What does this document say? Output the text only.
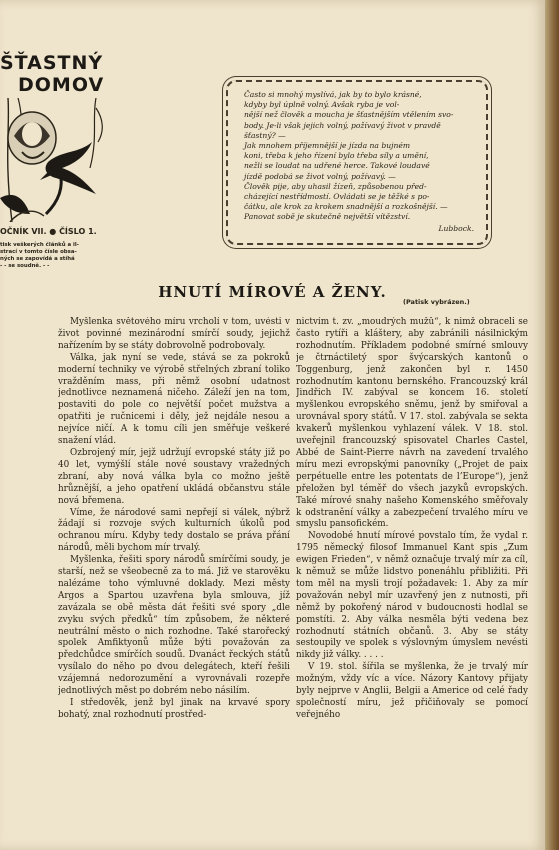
ŠŤASTNÝ
DOMOV
OČNÍK VII. ● ČÍSLO 1.
tisk veškerých článků a il-
strací v tomto čísle obsa-
ných se zapovídá a stíhá
- - se soudně. - -

Často si mnohý myslívá, jak by to bylo krásné,

kdyby byl úplně volný. Avšak ryba je vol-

nější než člověk a moucha je šťastnějším vtělením svo-

body. Je-li však jejich volný, požívavý život v pravdě

šťastný? —

Jak mnohem příjemnější je jízda na bujném

koni, třeba k jeho řízení bylo třeba síly a umění,

nežli se loudat na udřené herce. Takové loudavé

jízdě podobá se život volný, požívavý. —

Člověk pije, aby uhasil žízeň, způsobenou před-

cházející nestřídmostí. Ovládati se je těžké s po-

čátku, ale krok za krokem snadnější a rozkošnější. —

Panovat sobě je skutečně největší vítězství.

Lubbock.

HNUTÍ MÍROVÉ A ŽENY.
(Patisk vybrázen.)

Myšlenka světového míru vrcholí v tom, uvésti v život povinné mezinárodní smírčí soudy, jejichž nařízením by se státy dobrovolně podrobovaly.

Válka, jak nyní se vede, stává se za pokroků moderní techniky ve výrobě střelných zbraní toliko vražděním mass, při němž osobní udatnost jednotlivce neznamená ničeho. Záleží jen na tom, postaviti do pole co největší počet mužstva a opatřiti je ručnicemi i děly, jež nejdále nesou a nejvíce ničí. A k tomu cíli jen směřuje veškeré snažení vlád.

Ozbrojený mír, jejž udržují evropské státy již po 40 let, vymýšlí stále nové soustavy vražedných zbraní, aby nová válka byla co možno ještě hrůznější, a jeho opatření ukládá občanstvu stále nová břemena.

Víme, že národové sami nepřejí si válek, nýbrž žádají si rozvoje svých kulturních úkolů pod ochranou míru. Kdyby tedy dostalo se práva přání národů, měli bychom mír trvalý.

Myšlenka, řešiti spory národů smírčími soudy, je starší, než se všeobecně za to má. Již ve starověku nalézáme toho výmluvné doklady. Mezi městy Argos a Spartou uzavřena byla smlouva, jíž zavázala se obě města dát řešiti své spory „dle zvyku svých předků“ tím způsobem, že některé neutrální město o nich rozhodne. Také starořecký spolek Amfiktyonů může býti považován za předchůdce smírčích soudů. Dvanáct řeckých států vysílalo do něho po dvou delegátech, kteří řešili vzájemná nedorozumění a vyrovnávali rozepře jednotlivých měst po dobrém nebo násilím.

I středověk, jenž byl jinak na krvavé spory bohatý, znal rozhodnutí prostřed-

nictvím t. zv. „moudrých mužů“, k nimž obraceli se často rytíři a kláštery, aby zabránili násilnickým rozhodnutím. Příkladem podobné smírné smlouvy je čtrnáctiletý spor švýcarských kantonů o Toggenburg, jenž zakončen byl r. 1450 rozhodnutím kantonu bernského. Francouzský král Jindřich IV. zabýval se koncem 16. století myšlenkou evropského sněmu, jenž by smiřoval a urovnával spory států. V 17. stol. zabývala se sekta kvakerů myšlenkou vyhlazení válek. V 18. stol. uveřejnil francouzský spisovatel Charles Castel, Abbé de Saint-Pierre návrh na zavedení trvalého míru mezi evropskými panovníky („Projet de paix perpétuelle entre les potentats de l’Europe“), jenž přeložen byl téměř do všech jazyků evropských. Také mírové snahy našeho Komenského směřovaly k odstranění války a zabezpečení trvalého míru ve smyslu pansofickém.

Novodobé hnutí mírové povstalo tím, že vydal r. 1795 německý filosof Immanuel Kant spis „Zum ewigen Frieden“, v němž označuje trvalý mír za cíl, k němuž se může lidstvo ponenáhlu přibližiti. Při tom měl na mysli trojí požadavek: 1. Aby za mír považován nebyl mír uzavřený jen z nutnosti, při němž by pokořený národ v budoucnosti hodlal se pomstíti. 2. Aby válka nesměla býti vedena bez rozhodnutí státních občanů. 3. Aby se státy sestoupily ve spolek s výslovným úmyslem nevésti nikdy již války. . . . .

V 19. stol. šířila se myšlenka, že je trvalý mír možným, vždy víc a více. Názory Kantovy přijaty byly nejprve v Anglii, Belgii a Americe od celé řady společností míru, jež přičiňovaly se pomocí veřejného
